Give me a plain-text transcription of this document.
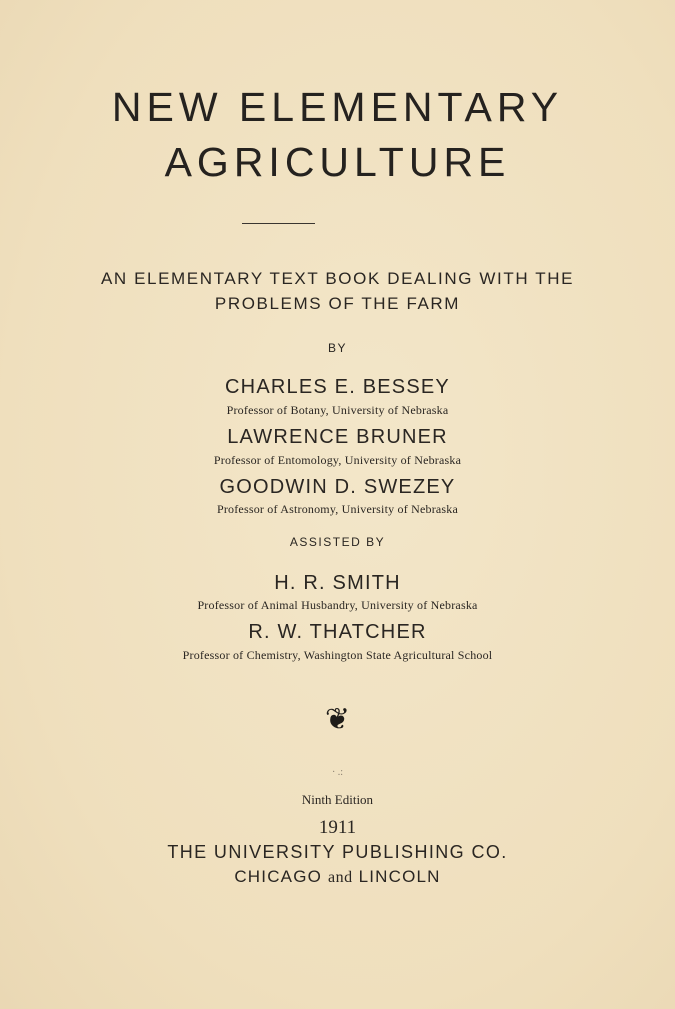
NEW ELEMENTARY
AGRICULTURE
AN ELEMENTARY TEXT BOOK DEALING WITH THE
PROBLEMS OF THE FARM
BY
CHARLES E. BESSEY
Professor of Botany, University of Nebraska
LAWRENCE BRUNER
Professor of Entomology, University of Nebraska
GOODWIN D. SWEZEY
Professor of Astronomy, University of Nebraska
ASSISTED BY
H. R. SMITH
Professor of Animal Husbandry, University of Nebraska
R. W. THATCHER
Professor of Chemistry, Washington State Agricultural School
❦
· .:
Ninth Edition
1911
THE UNIVERSITY PUBLISHING CO.
CHICAGO and LINCOLN
